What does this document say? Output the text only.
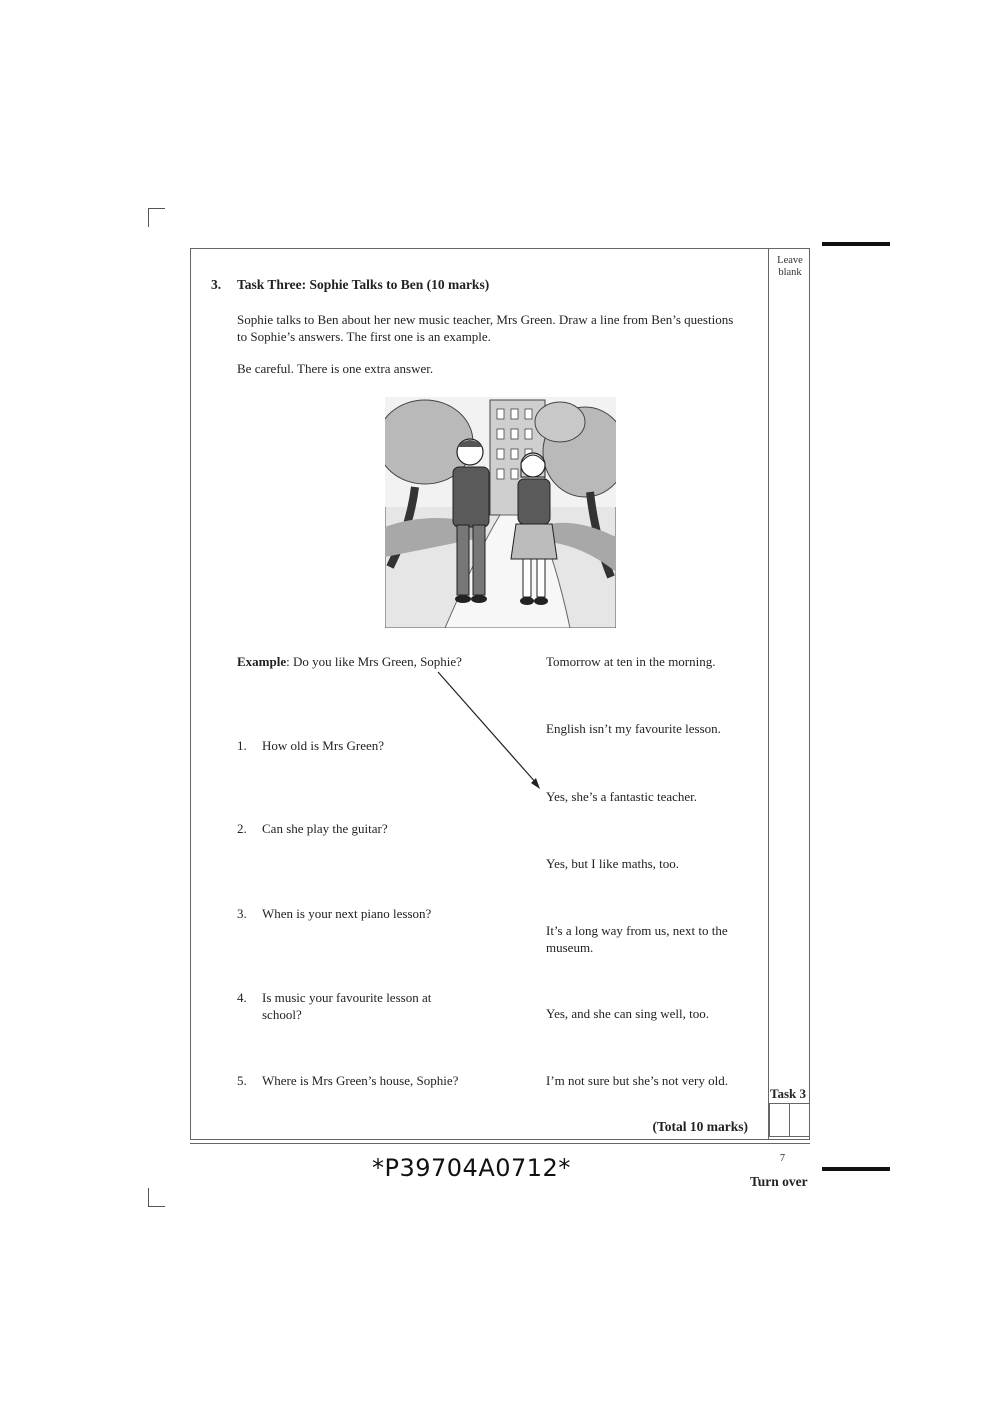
Leave blank
Task 3
3. Task Three: Sophie Talks to Ben (10 marks)
Sophie talks to Ben about her new music teacher, Mrs Green. Draw a line from Ben’s questions to Sophie’s answers. The first one is an example.
Be careful. There is one extra answer.
Example: Do you like Mrs Green, Sophie?
1. How old is Mrs Green?
2. Can she play the guitar?
3. When is your next piano lesson?
4.	Is music your favourite lesson at school?
5. Where is Mrs Green’s house, Sophie?
Tomorrow at ten in the morning.
English isn’t my favourite lesson.
Yes, she’s a fantastic teacher.
Yes, but I like maths, too.
It’s a long way from us, next to the museum.
Yes, and she can sing well, too.
I’m not sure but she’s not very old.
(Total 10 marks)
*P39704A0712*	7
Turn over
